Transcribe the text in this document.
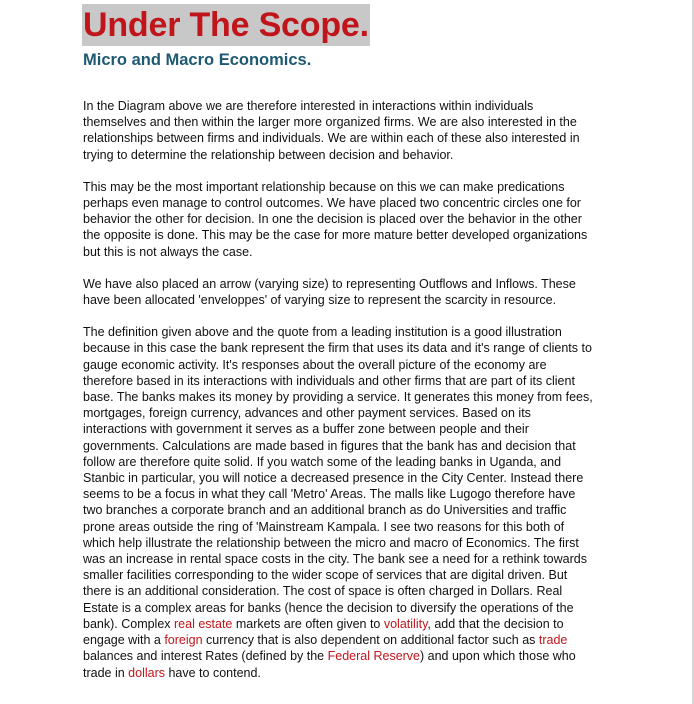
Under The Scope.
Micro and Macro Economics.

In the Diagram above we are therefore interested in interactions within individuals
themselves and then within the larger more organized firms. We are also interested in the
relationships between firms and individuals. We are within each of these also interested in
trying to determine the relationship between decision and behavior.

This may be the most important relationship because on this we can make predications
perhaps even manage to control outcomes. We have placed two concentric circles one for
behavior the other for decision. In one the decision is placed over the behavior in the other
the opposite is done. This may be the case for more mature better developed organizations
but this is not always the case.

We have also placed an arrow (varying size) to representing Outflows and Inflows. These
have been allocated 'enveloppes' of varying size to represent the scarcity in resource.

The definition given above and the quote from a leading institution is a good illustration
because in this case the bank represent the firm that uses its data and it's range of clients to
gauge economic activity. It's responses about the overall picture of the economy are
therefore based in its interactions with individuals and other firms that are part of its client
base. The banks makes its money by providing a service. It generates this money from fees,
mortgages, foreign currency, advances and other payment services. Based on its
interactions with government it serves as a buffer zone between people and their
governments. Calculations are made based in figures that the bank has and decision that
follow are therefore quite solid. If you watch some of the leading banks in Uganda, and
Stanbic in particular, you will notice a decreased presence in the City Center. Instead there
seems to be a focus in what they call 'Metro' Areas. The malls like Lugogo therefore have
two branches a corporate branch and an additional branch as do Universities and traffic
prone areas outside the ring of 'Mainstream Kampala. I see two reasons for this both of
which help illustrate the relationship between the micro and macro of Economics. The first
was an increase in rental space costs in the city. The bank see a need for a rethink towards
smaller facilities corresponding to the wider scope of services that are digital driven. But
there is an additional consideration. The cost of space is often charged in Dollars. Real
Estate is a complex areas for banks (hence the decision to diversify the operations of the
bank). Complex real estate markets are often given to volatility, add that the decision to
engage with a foreign currency that is also dependent on additional factor such as trade
balances and interest Rates (defined by the Federal Reserve) and upon which those who
trade in dollars have to contend.
